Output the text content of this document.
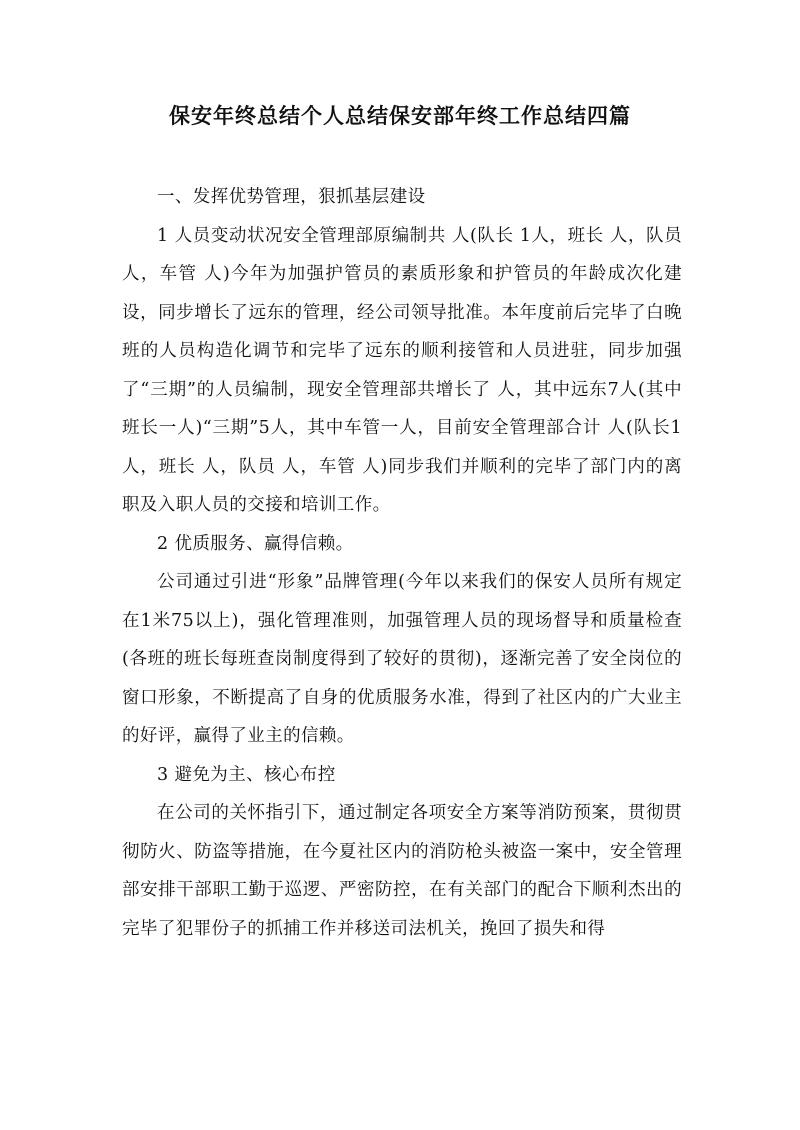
保安年终总结个人总结保安部年终工作总结四篇

一、发挥优势管理，狠抓基层建设

1 人员变动状况安全管理部原编制共 人(队长 1人，班长 人，队员 人，车管 人)今年为加强护管员的素质形象和护管员的年龄成次化建设，同步增长了远东的管理，经公司领导批准。本年度前后完毕了白晚班的人员构造化调节和完毕了远东的顺利接管和人员进驻，同步加强了“三期”的人员编制，现安全管理部共增长了 人，其中远东7人(其中班长一人)“三期”5人，其中车管一人，目前安全管理部合计 人(队长1人，班长 人，队员 人，车管 人)同步我们并顺利的完毕了部门内的离职及入职人员的交接和培训工作。

2 优质服务、赢得信赖。

公司通过引进“形象”品牌管理(今年以来我们的保安人员所有规定在1米75以上)，强化管理准则，加强管理人员的现场督导和质量检查(各班的班长每班查岗制度得到了较好的贯彻)，逐渐完善了安全岗位的窗口形象，不断提高了自身的优质服务水准，得到了社区内的广大业主的好评，赢得了业主的信赖。

3 避免为主、核心布控

在公司的关怀指引下，通过制定各项安全方案等消防预案，贯彻贯彻防火、防盗等措施，在今夏社区内的消防枪头被盗一案中，安全管理部安排干部职工勤于巡逻、严密防控，在有关部门的配合下顺利杰出的完毕了犯罪份子的抓捕工作并移送司法机关，挽回了损失和得
